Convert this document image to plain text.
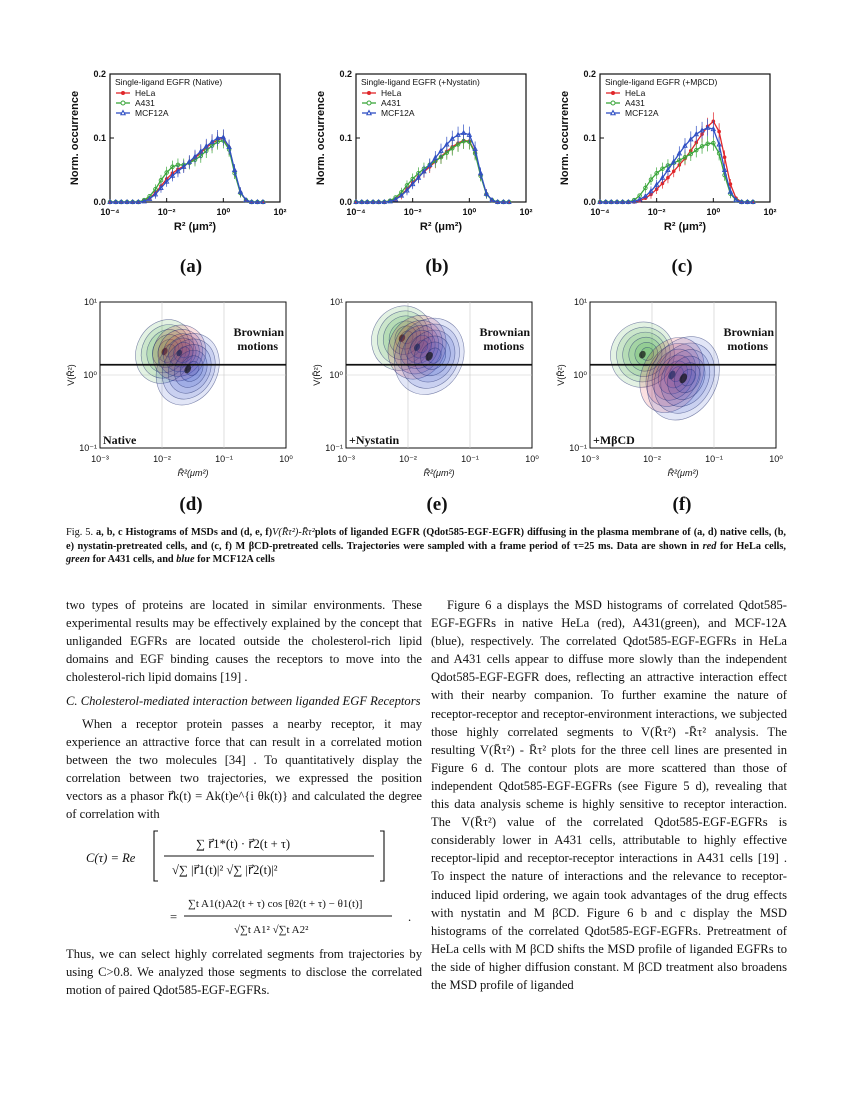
0.0
0.1
0.2
10⁻⁴	10⁻²	10⁰	10²
R² (μm²)
Norm. occurrence
Single-ligand EGFR (Native)
HeLa
A431
MCF12A
0.0
0.1
0.2
10⁻⁴	10⁻²	10⁰	10²
R² (μm²)
Norm. occurrence
Single-ligand EGFR (+Nystatin)
HeLa
A431
MCF12A
0.0
0.1
0.2
10⁻⁴	10⁻²	10⁰	10²
R² (μm²)
Norm. occurrence
Single-ligand EGFR (+MβCD)
HeLa
A431
MCF12A
(a)	(b)	(c)
Brownian
motions
Native
10¹
10⁰
10⁻¹
10⁻³	10⁻²	10⁻¹	10⁰
R̄²(μm²)
V(R̄²)
Brownian
motions
+Nystatin
10¹
10⁰
10⁻¹
10⁻³	10⁻²	10⁻¹	10⁰
R̄²(μm²)
V(R̄²)
Brownian
motions
+MβCD
10¹
10⁰
10⁻¹
10⁻³	10⁻²	10⁻¹	10⁰
R̄²(μm²)
V(R̄²)
(d)	(e)	(f)
Fig. 5. a, b, c Histograms of MSDs and (d, e, f)V(R̄τ²)-R̄τ²plots of liganded EGFR (Qdot585-EGF-EGFR) diffusing in the plasma membrane of (a, d) native cells, (b, e) nystatin-pretreated cells, and (c, f) M βCD-pretreated cells. Trajectories were sampled with a frame period of τ=25 ms. Data are shown in red for HeLa cells, green for A431 cells, and blue for MCF12A cells

two types of proteins are located in similar environments. These experimental results may be effectively explained by the concept that unliganded EGFRs are located outside the cholesterol-rich lipid domains and EGF binding causes the receptors to move into the cholesterol-rich lipid domains [19] .

C. Cholesterol-mediated interaction between liganded EGF Receptors

When a receptor protein passes a nearby receptor, it may experience an attractive force that can result in a correlated motion between the two molecules [34] . To quantitatively display the correlation between two trajectories, we expressed the position vectors as a phasor r⃗k(t) = Ak(t)e^{i θk(t)} and calculated the degree of correlation with

C(τ) = Re
∑ r⃗1*(t) · r⃗2(t + τ)
√∑ |r⃗1(t)|² √∑ |r⃗2(t)|²
=
∑t A1(t)A2(t + τ) cos [θ2(t + τ) − θ1(t)]
√∑t A1² √∑t A2²
.

Thus, we can select highly correlated segments from trajectories by using C>0.8. We analyzed those segments to disclose the correlated motion of paired Qdot585-EGF-EGFRs.

Figure 6 a displays the MSD histograms of correlated Qdot585-EGF-EGFRs in native HeLa (red), A431(green), and MCF-12A (blue), respectively. The correlated Qdot585-EGF-EGFRs in HeLa and A431 cells appear to diffuse more slowly than the independent Qdot585-EGF-EGFR does, reflecting an attractive interaction effect with their nearby companion. To further examine the nature of receptor-receptor and receptor-environment interactions, we subjected those highly correlated segments to V(R̄τ²) -R̄τ² analysis. The resulting V(R̄τ²) - R̄τ² plots for the three cell lines are presented in Figure 6 d. The contour plots are more scattered than those of independent Qdot585-EGF-EGFRs (see Figure 5 d), revealing that this data analysis scheme is highly sensitive to receptor interaction. The V(R̄τ²) value of the correlated Qdot585-EGF-EGFRs is considerably lower in A431 cells, attributable to highly effective receptor-lipid and receptor-receptor interactions in A431 cells [19] . To inspect the nature of interactions and the relevance to receptor-induced lipid ordering, we again took advantages of the drug effects with nystatin and M βCD. Figure 6 b and c display the MSD histograms of the correlated Qdot585-EGF-EGFRs. Pretreatment of HeLa cells with M βCD shifts the MSD profile of liganded EGFRs to the side of higher diffusion constant. M βCD treatment also broadens the MSD profile of liganded
